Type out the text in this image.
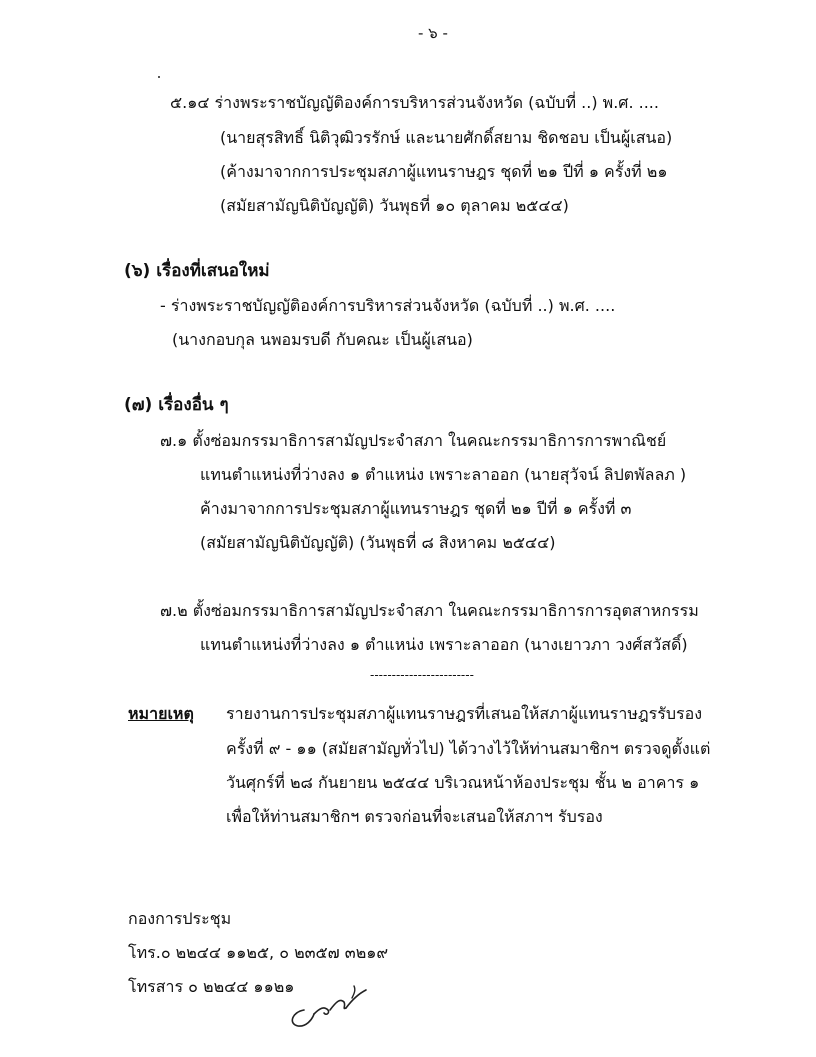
- ๖ -
๕.๑๔ ร่างพระราชบัญญัติองค์การบริหารส่วนจังหวัด (ฉบับที่ ..) พ.ศ. ....
(นายสุรสิทธิ์ นิติวุฒิวรรักษ์ และนายศักดิ์สยาม ชิดชอบ เป็นผู้เสนอ)
(ค้างมาจากการประชุมสภาผู้แทนราษฎร ชุดที่ ๒๑ ปีที่ ๑ ครั้งที่ ๒๑
(สมัยสามัญนิติบัญญัติ) วันพุธที่ ๑๐ ตุลาคม ๒๕๔๔)
(๖) เรื่องที่เสนอใหม่
- ร่างพระราชบัญญัติองค์การบริหารส่วนจังหวัด (ฉบับที่ ..) พ.ศ. ....
(นางกอบกุล นพอมรบดี กับคณะ เป็นผู้เสนอ)
(๗) เรื่องอื่น ๆ
๗.๑ ตั้งซ่อมกรรมาธิการสามัญประจำสภา ในคณะกรรมาธิการการพาณิชย์
แทนตำแหน่งที่ว่างลง ๑ ตำแหน่ง เพราะลาออก (นายสุวัจน์ ลิปตพัลลภ )
ค้างมาจากการประชุมสภาผู้แทนราษฎร ชุดที่ ๒๑ ปีที่ ๑ ครั้งที่ ๓
(สมัยสามัญนิติบัญญัติ) (วันพุธที่ ๘ สิงหาคม ๒๕๔๔)
๗.๒ ตั้งซ่อมกรรมาธิการสามัญประจำสภา ในคณะกรรมาธิการการอุตสาหกรรม
แทนตำแหน่งที่ว่างลง ๑ ตำแหน่ง เพราะลาออก (นางเยาวภา วงศ์สวัสดิ์)
------------------------
หมายเหตุ รายงานการประชุมสภาผู้แทนราษฎรที่เสนอให้สภาผู้แทนราษฎรรับรอง
ครั้งที่ ๙ - ๑๑ (สมัยสามัญทั่วไป) ได้วางไว้ให้ท่านสมาชิกฯ ตรวจดูตั้งแต่
วันศุกร์ที่ ๒๘ กันยายน ๒๕๔๔ บริเวณหน้าห้องประชุม ชั้น ๒ อาคาร ๑
เพื่อให้ท่านสมาชิกฯ ตรวจก่อนที่จะเสนอให้สภาฯ รับรอง
กองการประชุม
โทร.๐ ๒๒๔๔ ๑๑๒๕, ๐ ๒๓๕๗ ๓๒๑๙
โทรสาร ๐ ๒๒๔๔ ๑๑๒๑
